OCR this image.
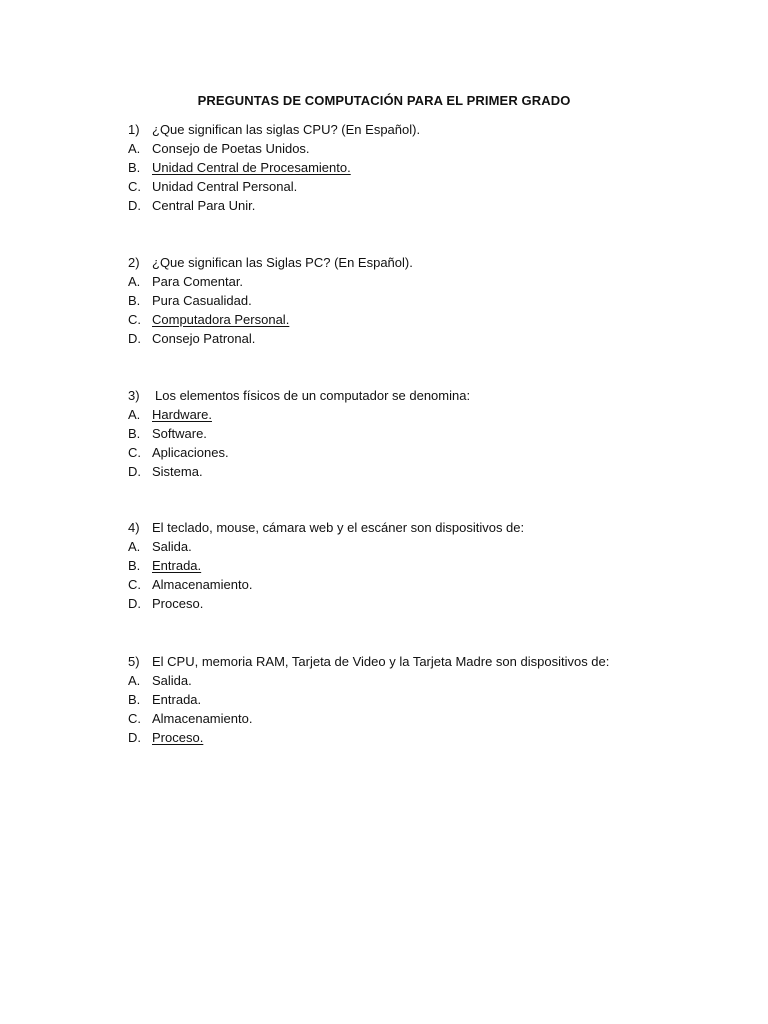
PREGUNTAS DE COMPUTACIÓN PARA EL PRIMER GRADO
1) ¿Que significan las siglas CPU? (En Español).
A. Consejo de Poetas Unidos.
B. Unidad Central de Procesamiento.
C. Unidad Central Personal.
D. Central Para Unir.
2) ¿Que significan las Siglas PC? (En Español).
A. Para Comentar.
B. Pura Casualidad.
C. Computadora Personal.
D. Consejo Patronal.
3)	Los elementos físicos de un computador se denomina:
A. Hardware.
B. Software.
C. Aplicaciones.
D. Sistema.
4) El teclado, mouse, cámara web y el escáner son dispositivos de:
A. Salida.
B. Entrada.
C. Almacenamiento.
D. Proceso.
5) El CPU, memoria RAM, Tarjeta de Video y la Tarjeta Madre son dispositivos de:
A. Salida.
B. Entrada.
C. Almacenamiento.
D. Proceso.
